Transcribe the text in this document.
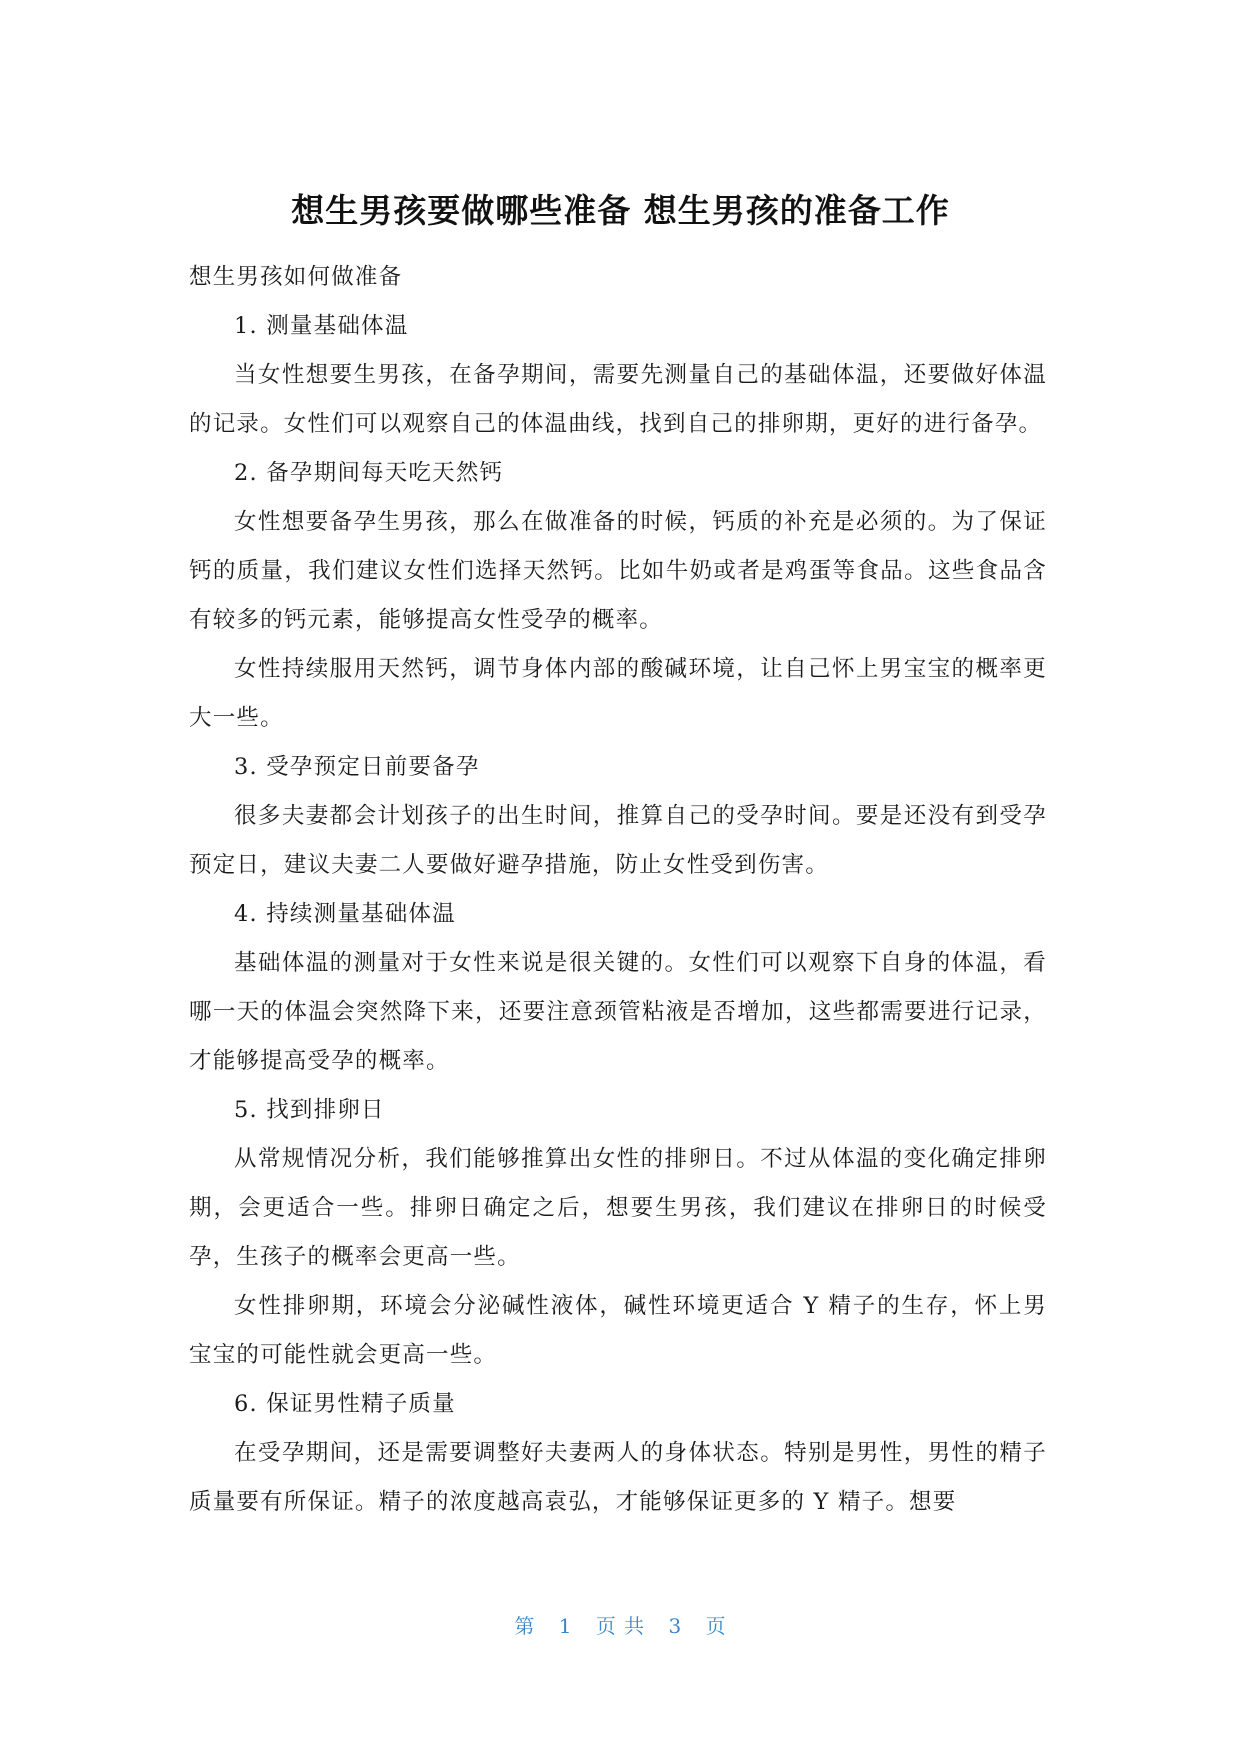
想生男孩要做哪些准备 想生男孩的准备工作

想生男孩如何做准备

1. 测量基础体温

当女性想要生男孩，在备孕期间，需要先测量自己的基础体温，还要做好体温的记录。女性们可以观察自己的体温曲线，找到自己的排卵期，更好的进行备孕。

2. 备孕期间每天吃天然钙

女性想要备孕生男孩，那么在做准备的时候，钙质的补充是必须的。为了保证钙的质量，我们建议女性们选择天然钙。比如牛奶或者是鸡蛋等食品。这些食品含有较多的钙元素，能够提高女性受孕的概率。

女性持续服用天然钙，调节身体内部的酸碱环境，让自己怀上男宝宝的概率更大一些。

3. 受孕预定日前要备孕

很多夫妻都会计划孩子的出生时间，推算自己的受孕时间。要是还没有到受孕预定日，建议夫妻二人要做好避孕措施，防止女性受到伤害。

4. 持续测量基础体温

基础体温的测量对于女性来说是很关键的。女性们可以观察下自身的体温，看哪一天的体温会突然降下来，还要注意颈管粘液是否增加，这些都需要进行记录，才能够提高受孕的概率。

5. 找到排卵日

从常规情况分析，我们能够推算出女性的排卵日。不过从体温的变化确定排卵期，会更适合一些。排卵日确定之后，想要生男孩，我们建议在排卵日的时候受孕，生孩子的概率会更高一些。

女性排卵期，环境会分泌碱性液体，碱性环境更适合 Y 精子的生存，怀上男宝宝的可能性就会更高一些。

6. 保证男性精子质量

在受孕期间，还是需要调整好夫妻两人的身体状态。特别是男性，男性的精子质量要有所保证。精子的浓度越高袁弘，才能够保证更多的 Y 精子。想要

第 1 页 共 3 页
